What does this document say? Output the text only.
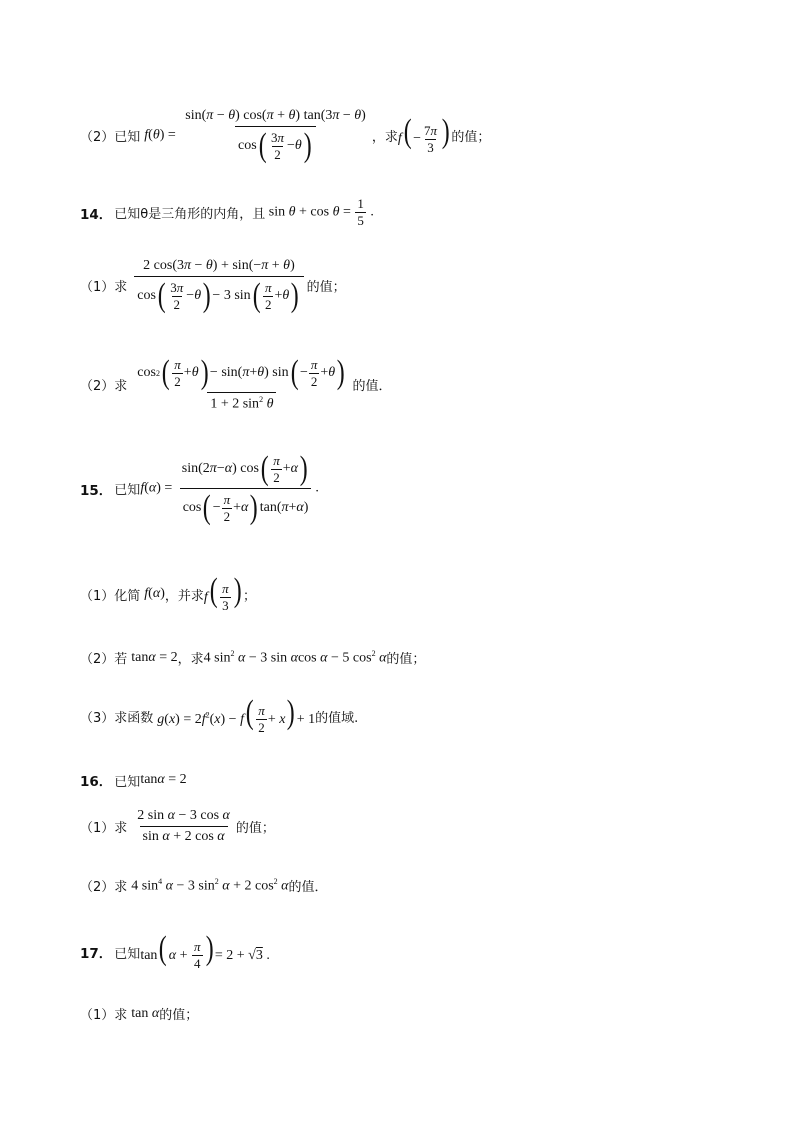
（2）已知 f(θ) = sin(π − θ) cos(π + θ) tan(3π − θ)
cos ( 3π
2
− θ ) ，求 $f( - \frac{7\pi}{3}$ ) 的值；
14． 已知θ是三角形的内角，且 $\sin \theta + \cos \theta = \frac{1}{5}$ .
（1）求 2 cos(3π − θ) + sin(−π + θ)
cos ( 3π
2
− θ ) − 3 sin ( π
2
+ θ ) 的值；
（2）求 cos 2 ( π
2
+ θ ) − sin( π + θ ) sin ( −
π
2
+ θ )
1 + 2 $\sin^2 \theta$ 的值．
15． 已知 f(α) = sin(2 π − α ) cos ( π
2
+ α )
cos ( −
π
2
+ α ) tan( π + α ) .
（1）化简 f(α) ，并求 $f( \frac{\pi}{3}$ ) ；
（2）若 tanα = 2 ，求 4 $\sin^2 \alpha - 3$ sin αcos α − 5 $\cos^2 \alpha$ 的值；
（3）求函数 $g(x) = 2f^2(x) - f( \frac{\pi}{2} + x) + 1$ 的值域.
16． 已知 tanα = 2
（1）求 $\frac{\text{2 sin α − 3 cos α}}{\text{sin α + 2 cos α}}$ 的值；
（2）求 4 $\sin^4 \alpha - 3$ $\sin^2 \alpha + 2$ $\cos^2 \alpha$ 的值．
17． 已知 tan( $\alpha + \frac{\pi}{4}$ ) = 2 + √3 .
（1）求 tan α 的值；
